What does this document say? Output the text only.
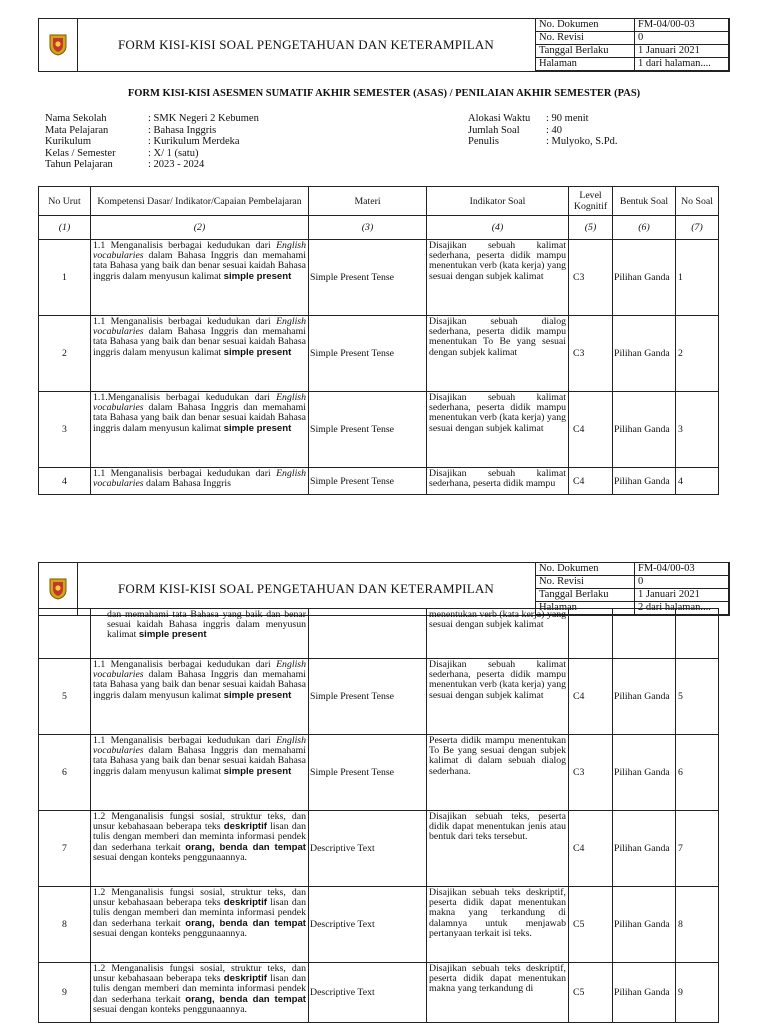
FORM KISI-KISI SOAL PENGETAHUAN DAN KETERAMPILAN
No. Dokumen	FM-04/00-03
No. Revisi	0
Tanggal Berlaku	1 Januari 2021
Halaman	1 dari halaman....
FORM KISI-KISI ASESMEN SUMATIF AKHIR SEMESTER (ASAS) / PENILAIAN AKHIR SEMESTER (PAS)
Nama Sekolah	: SMK Negeri 2 Kebumen
Mata Pelajaran	: Bahasa Inggris
Kurikulum	: Kurikulum Merdeka
Kelas / Semester	: X/ 1 (satu)
Tahun Pelajaran	: 2023 - 2024
Alokasi Waktu	: 90 menit
Jumlah Soal	: 40
Penulis	: Mulyoko, S.Pd.
No Urut	Kompetensi Dasar/ Indikator/Capaian Pembelajaran	Materi	Indikator Soal	Level Kognitif	Bentuk Soal	No Soal
(1)	(2)	(3)	(4)	(5)	(6)	(7)
1	1.1 Menganalisis berbagai kedudukan dari English vocabularies dalam Bahasa Inggris dan memahami tata Bahasa yang baik dan benar sesuai kaidah Bahasa inggris dalam menyusun kalimat simple present	Simple Present Tense	Disajikan sebuah kalimat sederhana, peserta didik mampu menentukan verb (kata kerja) yang sesuai dengan subjek kalimat	C3	Pilihan Ganda	1
2	1.1 Menganalisis berbagai kedudukan dari English vocabularies dalam Bahasa Inggris dan memahami tata Bahasa yang baik dan benar sesuai kaidah Bahasa inggris dalam menyusun kalimat simple present	Simple Present Tense	Disajikan sebuah dialog sederhana, peserta didik mampu menentukan To Be yang sesuai dengan subjek kalimat	C3	Pilihan Ganda	2
3	1.1.Menganalisis berbagai kedudukan dari English vocabularies dalam Bahasa Inggris dan memahami tata Bahasa yang baik dan benar sesuai kaidah Bahasa inggris dalam menyusun kalimat simple present	Simple Present Tense	Disajikan sebuah kalimat sederhana, peserta didik mampu menentukan verb (kata kerja) yang sesuai dengan subjek kalimat	C4	Pilihan Ganda	3
4	1.1 Menganalisis berbagai kedudukan dari English vocabularies dalam Bahasa Inggris	Simple Present Tense	Disajikan sebuah kalimat sederhana, peserta didik mampu	C4	Pilihan Ganda	4
FORM KISI-KISI SOAL PENGETAHUAN DAN KETERAMPILAN
No. Dokumen	FM-04/00-03
No. Revisi	0
Tanggal Berlaku	1 Januari 2021
Halaman	2 dari halaman....
	dan memahami tata Bahasa yang baik dan benar sesuai kaidah Bahasa inggris dalam menyusun kalimat simple present		menentukan verb (kata kerja) yang sesuai dengan subjek kalimat			
5	1.1 Menganalisis berbagai kedudukan dari English vocabularies dalam Bahasa Inggris dan memahami tata Bahasa yang baik dan benar sesuai kaidah Bahasa inggris dalam menyusun kalimat simple present	Simple Present Tense	Disajikan sebuah kalimat sederhana, peserta didik mampu menentukan verb (kata kerja) yang sesuai dengan subjek kalimat	C4	Pilihan Ganda	5
6	1.1 Menganalisis berbagai kedudukan dari English vocabularies dalam Bahasa Inggris dan memahami tata Bahasa yang baik dan benar sesuai kaidah Bahasa inggris dalam menyusun kalimat simple present	Simple Present Tense	Peserta didik mampu menentukan To Be yang sesuai dengan subjek kalimat di dalam sebuah dialog sederhana.	C3	Pilihan Ganda	6
7	1.2 Menganalisis fungsi sosial, struktur teks, dan unsur kebahasaan beberapa teks deskriptif lisan dan tulis dengan memberi dan meminta informasi pendek dan sederhana terkait orang, benda dan tempat sesuai dengan konteks penggunaannya.	Descriptive Text	Disajikan sebuah teks, peserta didik dapat menentukan jenis atau bentuk dari teks tersebut.	C4	Pilihan Ganda	7
8	1.2 Menganalisis fungsi sosial, struktur teks, dan unsur kebahasaan beberapa teks deskriptif lisan dan tulis dengan memberi dan meminta informasi pendek dan sederhana terkait orang, benda dan tempat sesuai dengan konteks penggunaannya.	Descriptive Text	Disajikan sebuah teks deskriptif, peserta didik dapat menentukan makna yang terkandung di dalamnya untuk menjawab pertanyaan terkait isi teks.	C5	Pilihan Ganda	8
9	1.2 Menganalisis fungsi sosial, struktur teks, dan unsur kebahasaan beberapa teks deskriptif lisan dan tulis dengan memberi dan meminta informasi pendek dan sederhana terkait orang, benda dan tempat sesuai dengan konteks penggunaannya.	Descriptive Text	Disajikan sebuah teks deskriptif, peserta didik dapat menentukan makna yang terkandung di	C5	Pilihan Ganda	9
